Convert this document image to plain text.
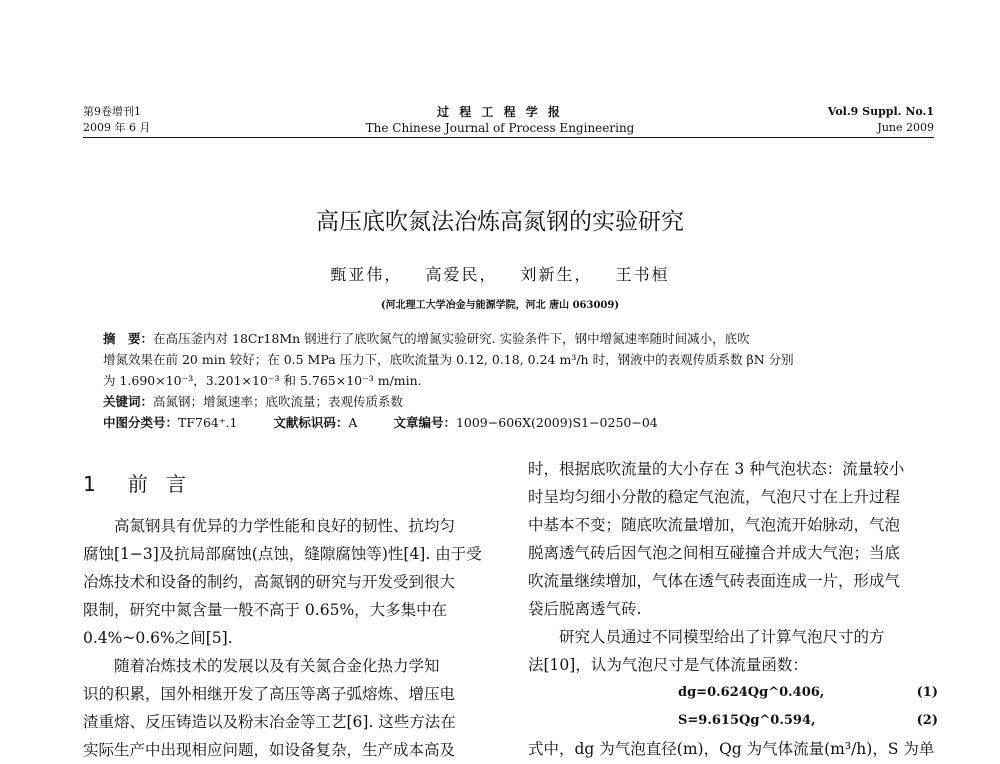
第9卷增刊1
2009 年 6 月
过 程 工 程 学 报
The Chinese Journal of Process Engineering
Vol.9 Suppl. No.1
June 2009
高压底吹氮法冶炼高氮钢的实验研究
甄亚伟， 高爱民， 刘新生， 王书桓
(河北理工大学冶金与能源学院，河北 唐山 063009)
摘　要：在高压釜内对 18Cr18Mn 钢进行了底吹氮气的增氮实验研究. 实验条件下，钢中增氮速率随时间减小，底吹
增氮效果在前 20 min 较好；在 0.5 MPa 压力下，底吹流量为 0.12, 0.18, 0.24 m³/h 时，钢液中的表观传质系数 βN 分别
为 1.690×10⁻³，3.201×10⁻³ 和 5.765×10⁻³ m/min.
关键词：高氮钢；增氮速率；底吹流量；表观传质系数
中图分类号：TF764⁺.1	文献标识码：A	文章编号：1009−606X(2009)S1−0250−04

1　前 言

高氮钢具有优异的力学性能和良好的韧性、抗均匀

腐蚀[1−3]及抗局部腐蚀(点蚀，缝隙腐蚀等)性[4]. 由于受

冶炼技术和设备的制约，高氮钢的研究与开发受到很大

限制，研究中氮含量一般不高于 0.65%，大多集中在

0.4%~0.6%之间[5].

随着冶炼技术的发展以及有关氮合金化热力学知

识的积累，国外相继开发了高压等离子弧熔炼、增压电

渣重熔、反压铸造以及粉末冶金等工艺[6]. 这些方法在

实际生产中出现相应问题，如设备复杂，生产成本高及

时，根据底吹流量的大小存在 3 种气泡状态：流量较小

时呈均匀细小分散的稳定气泡流，气泡尺寸在上升过程

中基本不变；随底吹流量增加，气泡流开始脉动，气泡

脱离透气砖后因气泡之间相互碰撞合并成大气泡；当底

吹流量继续增加，气体在透气砖表面连成一片，形成气

袋后脱离透气砖.

研究人员通过不同模型给出了计算气泡尺寸的方

法[10]，认为气泡尺寸是气体流量函数：

dg=0.624Qg^0.406,	(1)
S=9.615Qg^0.594,	(2)

式中，dg 为气泡直径(m)，Qg 为气体流量(m³/h)，S 为单
